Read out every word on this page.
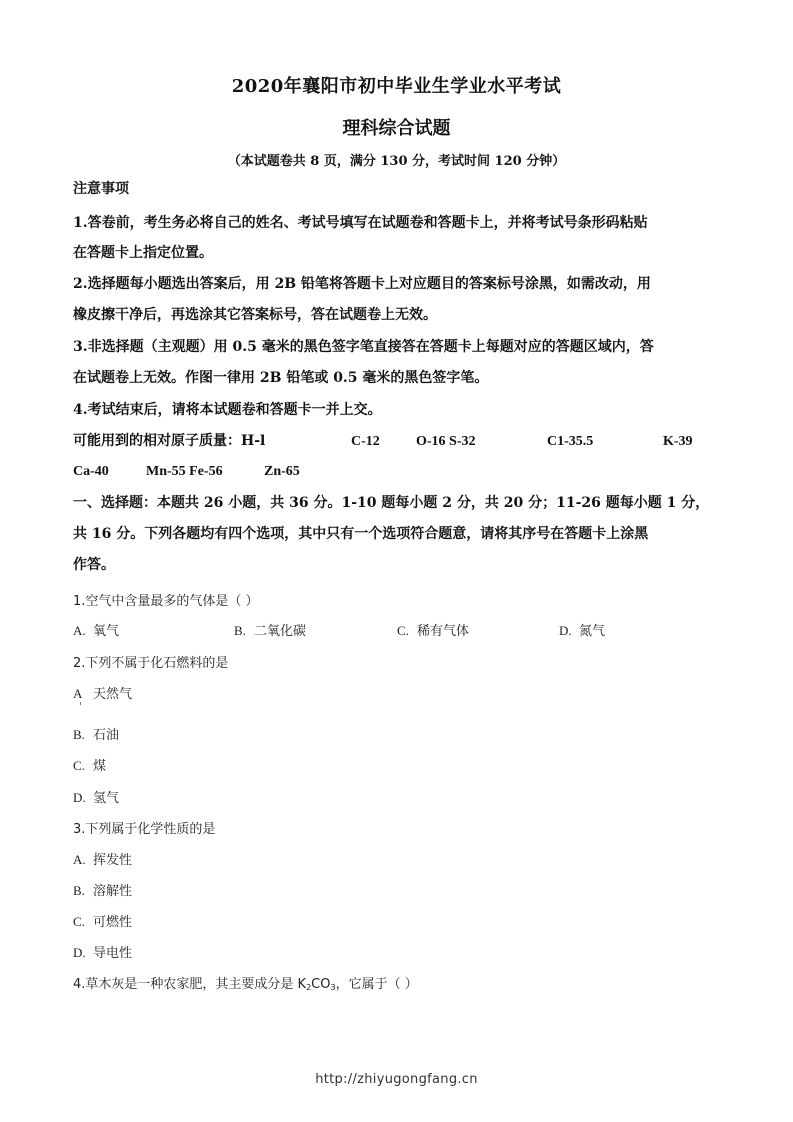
2020年襄阳市初中毕业生学业水平考试
理科综合试题
（本试题卷共 8 页，满分 130 分，考试时间 120 分钟）
注意事项
1.答卷前，考生务必将自己的姓名、考试号填写在试题卷和答题卡上，并将考试号条形码粘贴
在答题卡上指定位置。
2.选择题每小题选出答案后，用 2B 铅笔将答题卡上对应题目的答案标号涂黑，如需改动，用
橡皮擦干净后，再选涂其它答案标号，答在试题卷上无效。
3.非选择题（主观题）用 0.5 毫米的黑色签字笔直接答在答题卡上每题对应的答题区域内，答
在试题卷上无效。作图一律用 2B 铅笔或 0.5 毫米的黑色签字笔。
4.考试结束后，请将本试题卷和答题卡一并上交。
可能用到的相对原子质量：H-l	C-12	O-16 S-32	C1-35.5	K-39
Ca-40	Mn-55 Fe-56	Zn-65
一、选择题：本题共 26 小题，共 36 分。1-10 题每小题 2 分，共 20 分；11-26 题每小题 1 分，
共 16 分。下列各题均有四个选项，其中只有一个选项符合题意，请将其序号在答题卡上涂黑
作答。
1.空气中含量最多的气体是（ ）
A. 氧气	B. 二氧化碳	C. 稀有气体	D. 氮气
2.下列不属于化石燃料的是
A 天然气
B. 石油
C. 煤
D. 氢气
3.下列属于化学性质的是
A. 挥发性
B. 溶解性
C. 可燃性
D. 导电性
4.草木灰是一种农家肥，其主要成分是 $K_2CO_3$，它属于（ ）
http://zhiyugongfang.cn
